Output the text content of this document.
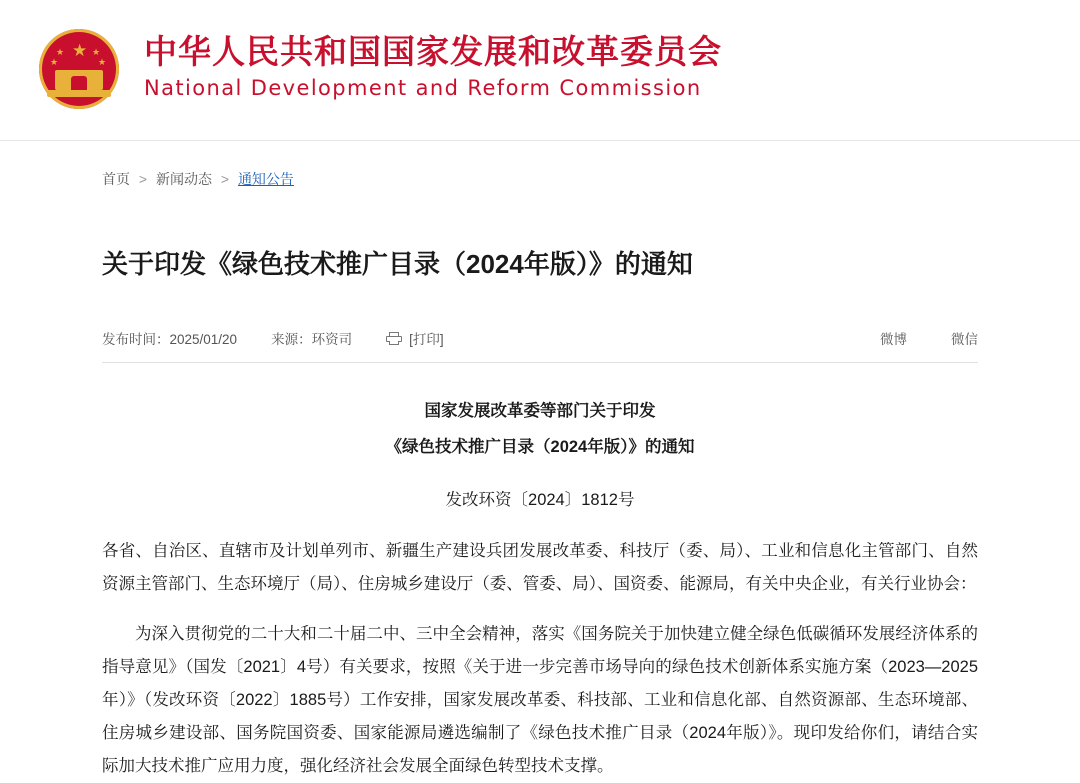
★
★
★
★
★ 中华人民共和国国家发展和改革委员会
National Development and Reform Commission
首页 > 新闻动态 > 通知公告
关于印发《绿色技术推广目录（2024年版）》的通知
发布时间：2025/01/20	来源：环资司	[打印]	微博	微信
国家发展改革委等部门关于印发
《绿色技术推广目录（2024年版）》的通知
发改环资〔2024〕1812号

各省、自治区、直辖市及计划单列市、新疆生产建设兵团发展改革委、科技厅（委、局）、工业和信息化主管部门、自然资源主管部门、生态环境厅（局）、住房城乡建设厅（委、管委、局）、国资委、能源局，有关中央企业，有关行业协会：

为深入贯彻党的二十大和二十届二中、三中全会精神，落实《国务院关于加快建立健全绿色低碳循环发展经济体系的指导意见》（国发〔2021〕4号）有关要求，按照《关于进一步完善市场导向的绿色技术创新体系实施方案（2023—2025年）》（发改环资〔2022〕1885号）工作安排，国家发展改革委、科技部、工业和信息化部、自然资源部、生态环境部、住房城乡建设部、国务院国资委、国家能源局遴选编制了《绿色技术推广目录（2024年版）》。现印发给你们，请结合实际加大技术推广应用力度，强化经济社会发展全面绿色转型技术支撑。
